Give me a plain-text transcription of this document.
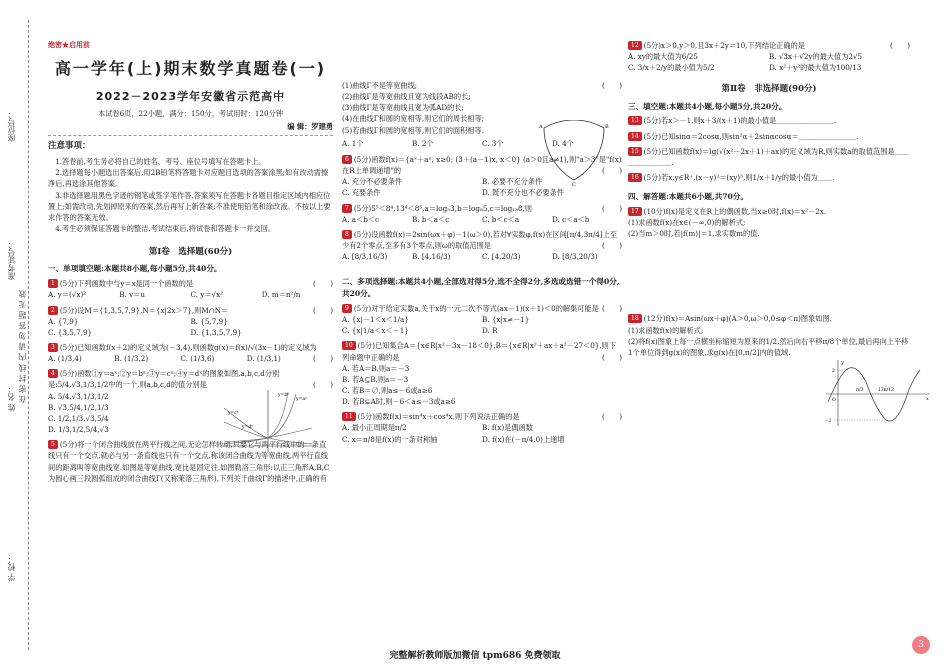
座位号：
准考证号：
在 密 封 线 内 请 勿 答 题 无 效
姓 名：
学 校：
绝密★启用前
高一学年(上)期末数学真题卷(一)
2022－2023学年安徽省示范高中
本试卷6页，22小题，满分：150分，考试用时：120分钟
编 辑：罗建勇
注意事项：
1.答卷前,考生务必将自己的姓名、考号、座位号填写在答题卡上。
2.选择题每小题选出答案后,用2B铅笔将答题卡对应题目选项的答案涂黑;如有改动需擦净后,再选涂其他答案。
3.非选择题用黑色字迹的钢笔或签字笔作答,答案须写在答题卡各题目指定区域内相应位置上;如需改动,先划掉原来的答案,然后再写上新答案;不准使用铅笔和涂改液。不按以上要求作答的答案无效。
4.考生必须保证答题卡的整洁,考试结束后,将试卷和答题卡一并交回。
第Ⅰ卷　选择题(60分)
一、单项填空题:本题共8小题,每小题5分,共40分。
1 (5分)下列函数中与y＝x是同一个函数的是	(　　)
A. y＝(√x)²	B. v＝u	C. y＝√x²	D. m＝n²/n
2 (5分)设M＝{1,3,5,7,9},N＝{x|2x＞7},则M∩N＝	(　　)
A. {7,9}	B. {5,7,9}
C. {3,5,7,9}	D. {1,3,5,7,9}
3 (5分)已知函数f(x＋2)的定义域为(－3,4),则函数g(x)＝f(x)/√(3x－1)的定义域为
(　　)
A. (1/3,4)	B. (1/3,2)	C. (1/3,6)	D. (1/3,1)
4 (5分)函数①y＝aˣ;②y＝bˣ;③y＝cˣ;④y＝dˣ的图象如图,a,b,c,d分别是:5/4,√3,1/3,1/2中的一个,则a,b,c,d的值分别是	(　　)
A. 5/4,√3,1/3,1/2
B. √3,5/4,1/2,1/3
C. 1/2,1/3,√3,5/4
D. 1/3,1/2,5/4,√3
y=bˣ
y=aˣ
y=cˣ
y=dˣ
5 (5分)将一个闭合曲线放在两平行线之间,无论怎样转动,只要它与两平行线中的一条直线只有一个交点,就必与另一条直线也只有一个交点,称该闭合曲线为等宽曲线,两平行直线间的距离叫等宽曲线宽.如图是等宽曲线.宽比是固定往.如图勒洛三角形:以正三角形A,B,C为圆心画三段圆弧组成的闭合曲线Γ(又称莱洛三角形),下列关于曲线Γ的描述中,正确的有
(　　)
(1)曲线Γ不是等宽曲线;
(2)曲线Γ是等宽曲线且宽为线段AB的长;
(3)曲线Γ是等宽曲线且宽为弧AD的长;
(4)在曲线Γ和圆的宽相等,则它们的周长相等;
(5)若曲线Γ和圆的宽相等,则它们的面积相等.
A. 1个	B. 2个	C. 3个	D. 4个
A	B
C
6 (5分)函数f(x)＝{aˣ＋aˣ, x≥0; (3＋(a－1)x, x＜0} (a＞0且a≠1),则"a＞3"是"f(x)在R上单调递增"的	(　　)
A. 充分不必要条件	B. 必要不充分条件
C. 充要条件	D. 既不充分也不必要条件
7 (5分)5⁵＜8⁴,13⁴＜8⁵,a＝log₅3,b＝log₈5,c＝log₁₃8,则	(　　)
A. a＜b＜c	B. b＜a＜c	C. b＜c＜a	D. c＜a＜b
8 (5分)设函数f(x)＝2sin(ωx＋φ)－1(ω＞0),若对∀实数φ,f(x)在区间[π/4,3π/4]上至少有2个零点,至多有3个零点,则ω的取值范围是	(　　)
A. [8/3,16/3)	B. [4,16/3)	C. [4,20/3)	D. [8/3,20/3)
二、多项选择题:本题共4小题,全部选对得5分,选不全得2分,多选或选错一个得0分,共20分。
9 (5分)对于给定实数a,关于x的一元二次不等式(ax－1)(x＋1)＜0的解集可能是 (　　)
A. {x|－1＜x＜1/a}	B. {x|x≠－1}
C. {x|1/a＜x＜－1}	D. R
10 (5分)已知集合A＝{x∈R|x²－3x－18＜0},B＝{x∈R|x²＋ax＋a²－27＜0},则下列命题中正确的是	(　　)
A. 若A＝B,则a＝－3
B. 若A⊆B,则a＝－3
C. 若B＝∅,则a≤－6或a≥6
D. 若B⊊A时,则－6＜a≤－3或a≥6
11 (5分)函数f(x)＝sin⁴x＋cos⁴x,则下列说法正确的是	(　　)
A. 最小正周期是π/2	B. f(x)是偶函数
C. x＝π/8是f(x)的一条对称轴	D. f(x)在(－π/4,0)上递增
12 (5分)x＞0,y＞0,且3x＋2y＝10,下列结论正确的是	(　　)
A. xy的最大值为6/25	B. √3x＋√2y的最大值为2√5
C. 3/x＋2/y的最小值为5/2	D. x²＋y²的最大值为100/13
第Ⅱ卷　非选择题(90分)
三、填空题:本题共4小题,每小题5分,共20分。
13 (5分)若x＞－1,则x＋3/(x＋1)的最小值是＿＿＿＿＿＿＿＿.
14 (5分)已知sinα＝2cosα,则sin²α＋2sinαcosα＝＿＿＿＿＿＿＿＿.
15 (5分)已知函数f(x)＝lg(√(x²－2x＋1)＋ax)的定义域为R,则实数a的取值范围是＿＿＿＿＿＿＿＿.
16 (5分)若x,y∈R⁺,(x－y)²＝(xy)³,则1/x＋1/y的最小值为＿＿.
四、解答题:本题共6小题,共70分。
17 (10分)f(x)是定义在R上的偶函数,当x≥0时,f(x)＝x²－2x.
(1)求函数f(x)在x∈(－∞,0)的解析式;
(2)当m＞0时,若|f(m)|＝1,求实数m的值.
18 (12分)f(x)＝Asin(ωx＋φ)(A＞0,ω＞0,0≤φ＜π)图象如图.
(1)求函数f(x)的解析式;
(2)将f(x)图象上每一点横坐标缩短为原来的1/2,然后向右平移π/8个单位,最后再向上平移1个单位得到g(x)的图象,求g(x)在[0,π/2]内的值域.
y
x
2
－2
O
π/3	13π/12
完整解析教师版加微信 tpm686 免费领取
3
